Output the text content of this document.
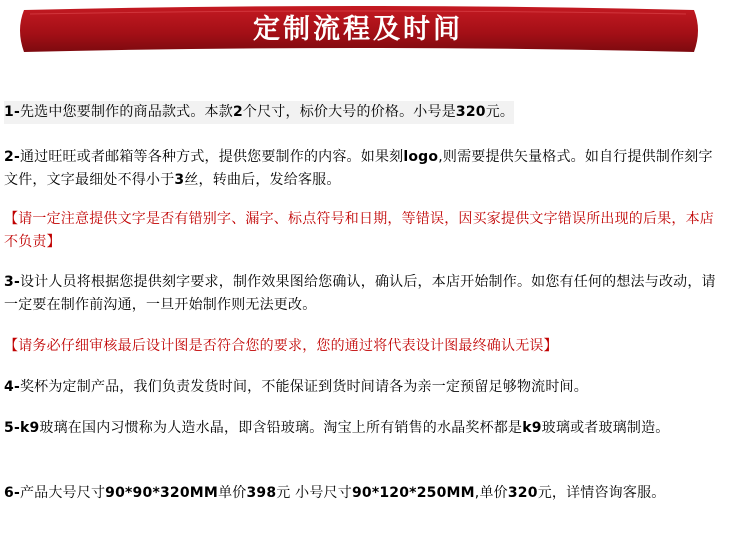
定制流程及时间
1-先选中您要制作的商品款式。本款2个尺寸，标价大号的价格。小号是320元。
2-通过旺旺或者邮箱等各种方式，提供您要制作的内容。如果刻logo,则需要提供矢量格式。如自行提供制作刻字文件，文字最细处不得小于3丝，转曲后，发给客服。
【请一定注意提供文字是否有错别字、漏字、标点符号和日期，等错误，因买家提供文字错误所出现的后果，本店不负责】
3-设计人员将根据您提供刻字要求，制作效果图给您确认，确认后，本店开始制作。如您有任何的想法与改动，请一定要在制作前沟通，一旦开始制作则无法更改。
【请务必仔细审核最后设计图是否符合您的要求，您的通过将代表设计图最终确认无误】
4-奖杯为定制产品，我们负责发货时间，不能保证到货时间请各为亲一定预留足够物流时间。
5-k9玻璃在国内习惯称为人造水晶，即含铅玻璃。淘宝上所有销售的水晶奖杯都是k9玻璃或者玻璃制造。
6-产品大号尺寸90*90*320MM单价398元 小号尺寸90*120*250MM,单价320元，详情咨询客服。
